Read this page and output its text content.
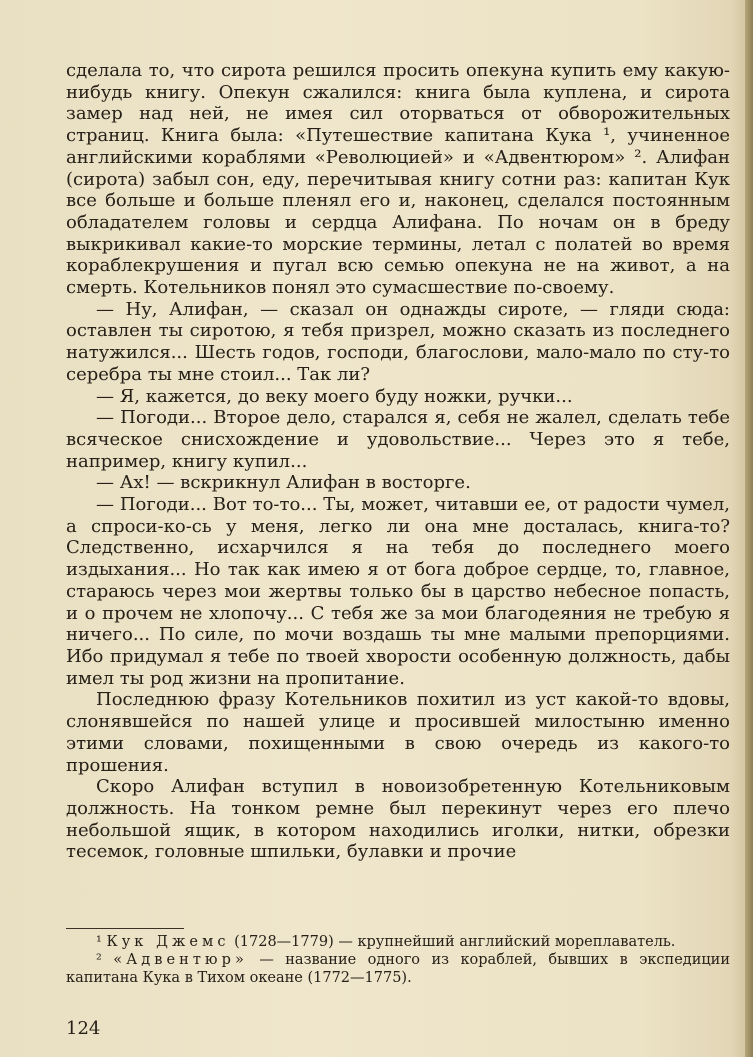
сделала то, что сирота решился просить опекуна купить ему какую-нибудь книгу. Опекун сжалился: книга была куплена, и сирота замер над ней, не имея сил оторваться от обворожительных страниц. Книга была: «Путешествие капитана Кука ¹, учиненное английскими кораблями «Революцией» и «Адвентюром» ². Алифан (сирота) забыл сон, еду, перечитывая книгу сотни раз: капитан Кук все больше и больше пленял его и, наконец, сделался постоянным обладателем головы и сердца Алифана. По ночам он в бреду выкрикивал какие-то морские термины, летал с полатей во время кораблекрушения и пугал всю семью опекуна не на живот, а на смерть. Котельников понял это сумасшествие по-своему.

— Ну, Алифан, — сказал он однажды сироте, — гляди сюда: оставлен ты сиротою, я тебя призрел, можно сказать из последнего натужился... Шесть годов, господи, благослови, мало-мало по сту-то серебра ты мне стоил... Так ли?

— Я, кажется, до веку моего буду ножки, ручки...

— Погоди... Второе дело, старался я, себя не жалел, сделать тебе всяческое снисхождение и удовольствие... Через это я тебе, например, книгу купил...

— Ах! — вскрикнул Алифан в восторге.

— Погоди... Вот то-то... Ты, может, читавши ее, от радости чумел, а спроси-ко-сь у меня, легко ли она мне досталась, книга-то? Следственно, исхарчился я на тебя до последнего моего издыхания... Но так как имею я от бога доброе сердце, то, главное, стараюсь через мои жертвы только бы в царство небесное попасть, и о прочем не хлопочу... С тебя же за мои благодеяния не требую я ничего... По силе, по мочи воздашь ты мне малыми препорциями. Ибо придумал я тебе по твоей хворости особенную должность, дабы имел ты род жизни на пропитание.

Последнюю фразу Котельников похитил из уст какой-то вдовы, слонявшейся по нашей улице и просившей милостыню именно этими словами, похищенными в свою очередь из какого-то прошения.

Скоро Алифан вступил в новоизобретенную Котельниковым должность. На тонком ремне был перекинут через его плечо небольшой ящик, в котором находились иголки, нитки, обрезки тесемок, головные шпильки, булавки и прочие

¹ Кук Джемс (1728—1779) — крупнейший английский мореплаватель.

² «Адвентюр» — название одного из кораблей, бывших в экспедиции капитана Кука в Тихом океане (1772—1775).

124
